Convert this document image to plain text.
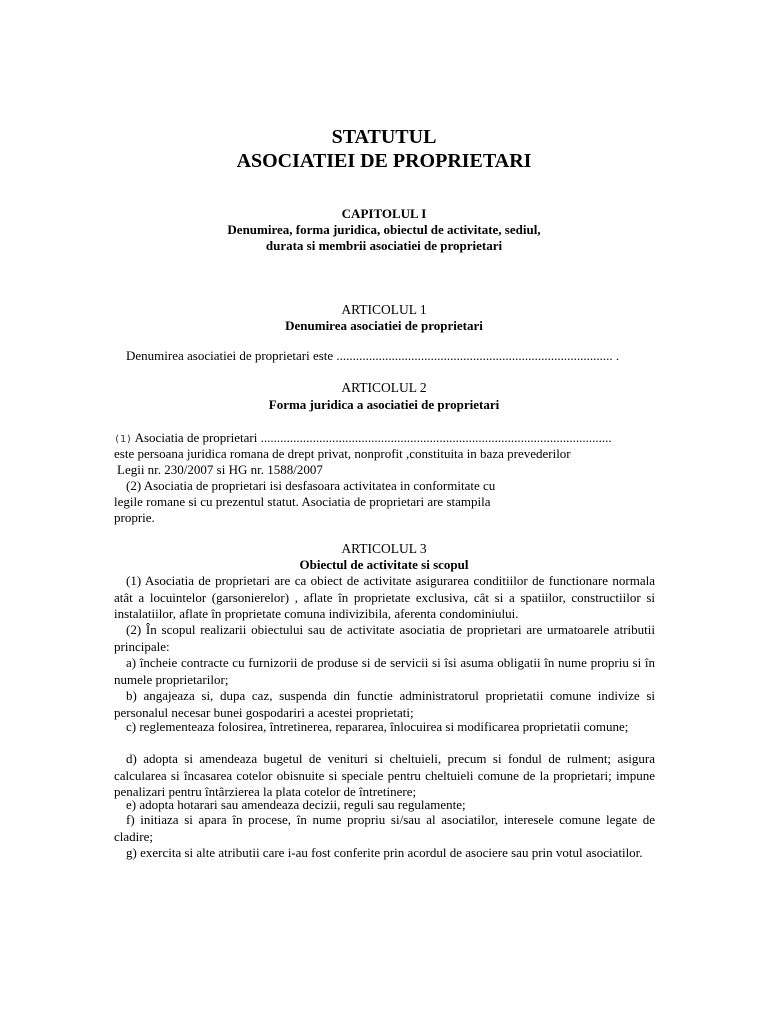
STATUTUL

ASOCIATIEI DE PROPRIETARI

CAPITOLUL I

Denumirea, forma juridica, obiectul de activitate, sediul,

durata si membrii asociatiei de proprietari

ARTICOLUL 1

Denumirea asociatiei de proprietari

Denumirea asociatiei de proprietari este ..................................................................................... .

ARTICOLUL 2

Forma juridica a asociatiei de proprietari

(1) Asociatia de proprietari ............................................................................................................

este persoana juridica romana de drept privat, nonprofit ,constituita in baza prevederilor

Legii nr. 230/2007 si HG nr. 1588/2007

(2) Asociatia de proprietari isi desfasoara activitatea in conformitate cu

legile romane si cu prezentul statut. Asociatia de proprietari are stampila

proprie.

ARTICOLUL 3

Obiectul de activitate si scopul

(1) Asociatia de proprietari are ca obiect de activitate asigurarea conditiilor de functionare normala atât a locuintelor (garsonierelor) , aflate în proprietate exclusiva, cât si a spatiilor, constructiilor si instalatiilor, aflate în proprietate comuna indivizibila, aferenta condominiului.

(2) În scopul realizarii obiectului sau de activitate asociatia de proprietari are urmatoarele atributii principale:

a) încheie contracte cu furnizorii de produse si de servicii si îsi asuma obligatii în nume propriu si în numele proprietarilor;

b) angajeaza si, dupa caz, suspenda din functie administratorul proprietatii comune indivize si personalul necesar bunei gospodariri a acestei proprietati;

c) reglementeaza folosirea, întretinerea, repararea, înlocuirea si modificarea proprietatii comune;

d) adopta si amendeaza bugetul de venituri si cheltuieli, precum si fondul de rulment; asigura calcularea si încasarea cotelor obisnuite si speciale pentru cheltuieli comune de la proprietari; impune penalizari pentru întârzierea la plata cotelor de întretinere;

e) adopta hotarari sau amendeaza decizii, reguli sau regulamente;

f) initiaza si apara în procese, în nume propriu si/sau al asociatilor, interesele comune legate de cladire;

g) exercita si alte atributii care i-au fost conferite prin acordul de asociere sau prin votul asociatilor.
